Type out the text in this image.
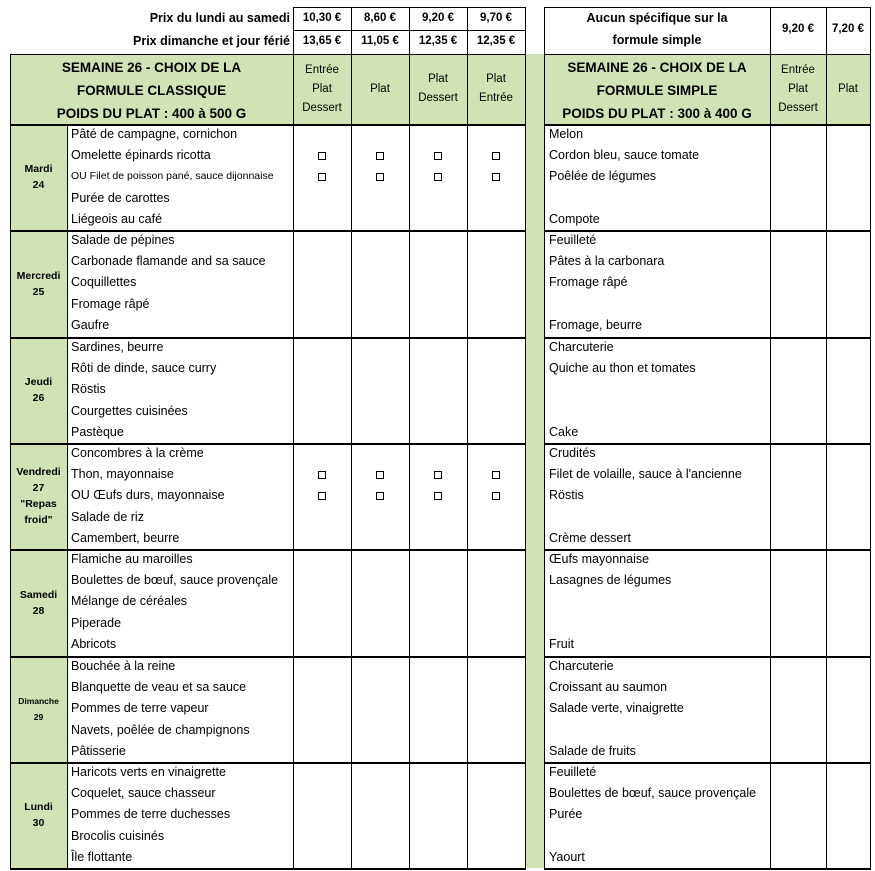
Prix du lundi au samedi
Prix dimanche et jour férié
10,30 €
13,65 €
8,60 €
11,05 €
9,20 €
12,35 €
9,70 €
12,35 €
Aucun spécifique sur la formule simple
9,20 €	7,20 €
SEMAINE 26 - CHOIX DE LA
FORMULE CLASSIQUE
POIDS DU PLAT : 400 à 500 G
SEMAINE 26 - CHOIX DE LA
FORMULE SIMPLE
POIDS DU PLAT : 300 à 400 G
Entrée
Plat
Dessert
Plat
Plat
Dessert
Plat
Entrée
Entrée
Plat
Dessert
Plat
Mardi
24
Pâté de campagne, cornichon
Omelette épinards ricotta
OU Filet de poisson pané, sauce dijonnaise
Purée de carottes
Liégeois au café
Melon
Cordon bleu, sauce tomate
Poêlée de légumes
Compote
Mercredi
25
Salade de pépines
Carbonade flamande and sa sauce
Coquillettes
Fromage râpé
Gaufre
Feuilleté
Pâtes à la carbonara
Fromage râpé
Fromage, beurre
Jeudi
26
Sardines, beurre
Rôti de dinde, sauce curry
Röstis
Courgettes cuisinées
Pastèque
Charcuterie
Quiche au thon et tomates
Cake
Vendredi
27
"Repas
froid"
Concombres à la crème
Thon, mayonnaise
OU Œufs durs, mayonnaise
Salade de riz
Camembert, beurre
Crudités
Filet de volaille, sauce à l'ancienne
Röstis
Crème dessert
Samedi
28
Flamiche au maroilles
Boulettes de bœuf, sauce provençale
Mélange de céréales
Piperade
Abricots
Œufs mayonnaise
Lasagnes de légumes
Fruit
Dimanche
29
Bouchée à la reine
Blanquette de veau et sa sauce
Pommes de terre vapeur
Navets, poêlée de champignons
Pâtisserie
Charcuterie
Croissant au saumon
Salade verte, vinaigrette
Salade de fruits
Lundi
30
Haricots verts en vinaigrette
Coquelet, sauce chasseur
Pommes de terre duchesses
Brocolis cuisinés
Île flottante
Feuilleté
Boulettes de bœuf, sauce provençale
Purée
Yaourt
